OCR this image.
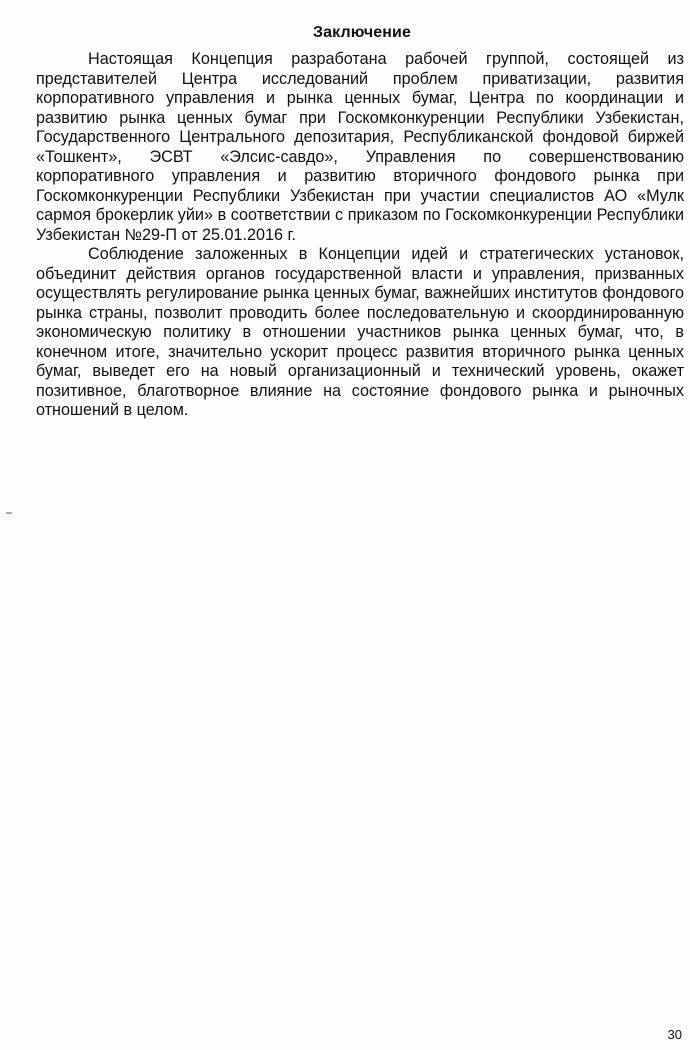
Заключение

Настоящая Концепция разработана рабочей группой, состоящей из представителей Центра исследований проблем приватизации, развития корпоративного управления и рынка ценных бумаг, Центра по координации и развитию рынка ценных бумаг при Госкомконкуренции Республики Узбекистан, Государственного Центрального депозитария, Республиканской фондовой биржей «Тошкент», ЭСВТ «Элсис-савдо», Управления по совершенствованию корпоративного управления и развитию вторичного фондового рынка при Госкомконкуренции Республики Узбекистан при участии специалистов АО «Мулк сармоя брокерлик уйи» в соответствии с приказом по Госкомконкуренции Республики Узбекистан №29-П от 25.01.2016 г.

Соблюдение заложенных в Концепции идей и стратегических установок, объединит действия органов государственной власти и управления, призванных осуществлять регулирование рынка ценных бумаг, важнейших институтов фондового рынка страны, позволит проводить более последовательную и скоординированную экономическую политику в отношении участников рынка ценных бумаг, что, в конечном итоге, значительно ускорит процесс развития вторичного рынка ценных бумаг, выведет его на новый организационный и технический уровень, окажет позитивное, благотворное влияние на состояние фондового рынка и рыночных отношений в целом.

30
